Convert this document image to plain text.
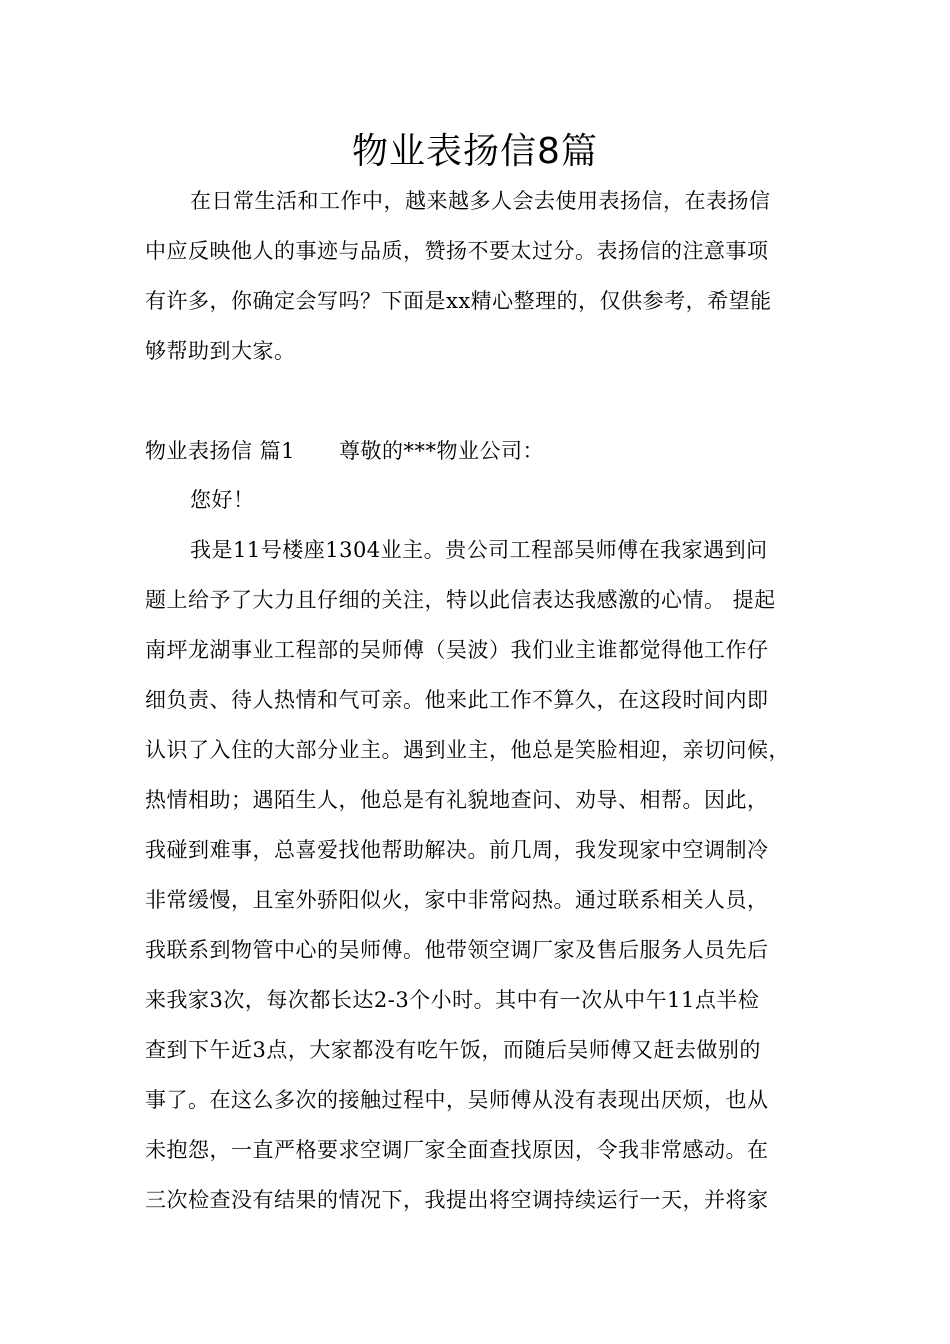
物业表扬信8篇
在日常生活和工作中，越来越多人会去使用表扬信，在表扬信
中应反映他人的事迹与品质，赞扬不要太过分。表扬信的注意事项
有许多，你确定会写吗？下面是xx精心整理的，仅供参考，希望能
够帮助到大家。
物业表扬信 篇1 尊敬的***物业公司：
您好！
我是11号楼座1304业主。贵公司工程部吴师傅在我家遇到问
题上给予了大力且仔细的关注，特以此信表达我感激的心情。 提起
南坪龙湖事业工程部的吴师傅（吴波）我们业主谁都觉得他工作仔
细负责、待人热情和气可亲。他来此工作不算久，在这段时间内即
认识了入住的大部分业主。遇到业主，他总是笑脸相迎，亲切问候，
热情相助；遇陌生人，他总是有礼貌地查问、劝导、相帮。因此，
我碰到难事，总喜爱找他帮助解决。前几周，我发现家中空调制冷
非常缓慢，且室外骄阳似火，家中非常闷热。通过联系相关人员，
我联系到物管中心的吴师傅。他带领空调厂家及售后服务人员先后
来我家3次，每次都长达2-3个小时。其中有一次从中午11点半检
查到下午近3点，大家都没有吃午饭，而随后吴师傅又赶去做别的
事了。在这么多次的接触过程中，吴师傅从没有表现出厌烦，也从
未抱怨，一直严格要求空调厂家全面查找原因，令我非常感动。在
三次检查没有结果的情况下，我提出将空调持续运行一天，并将家
